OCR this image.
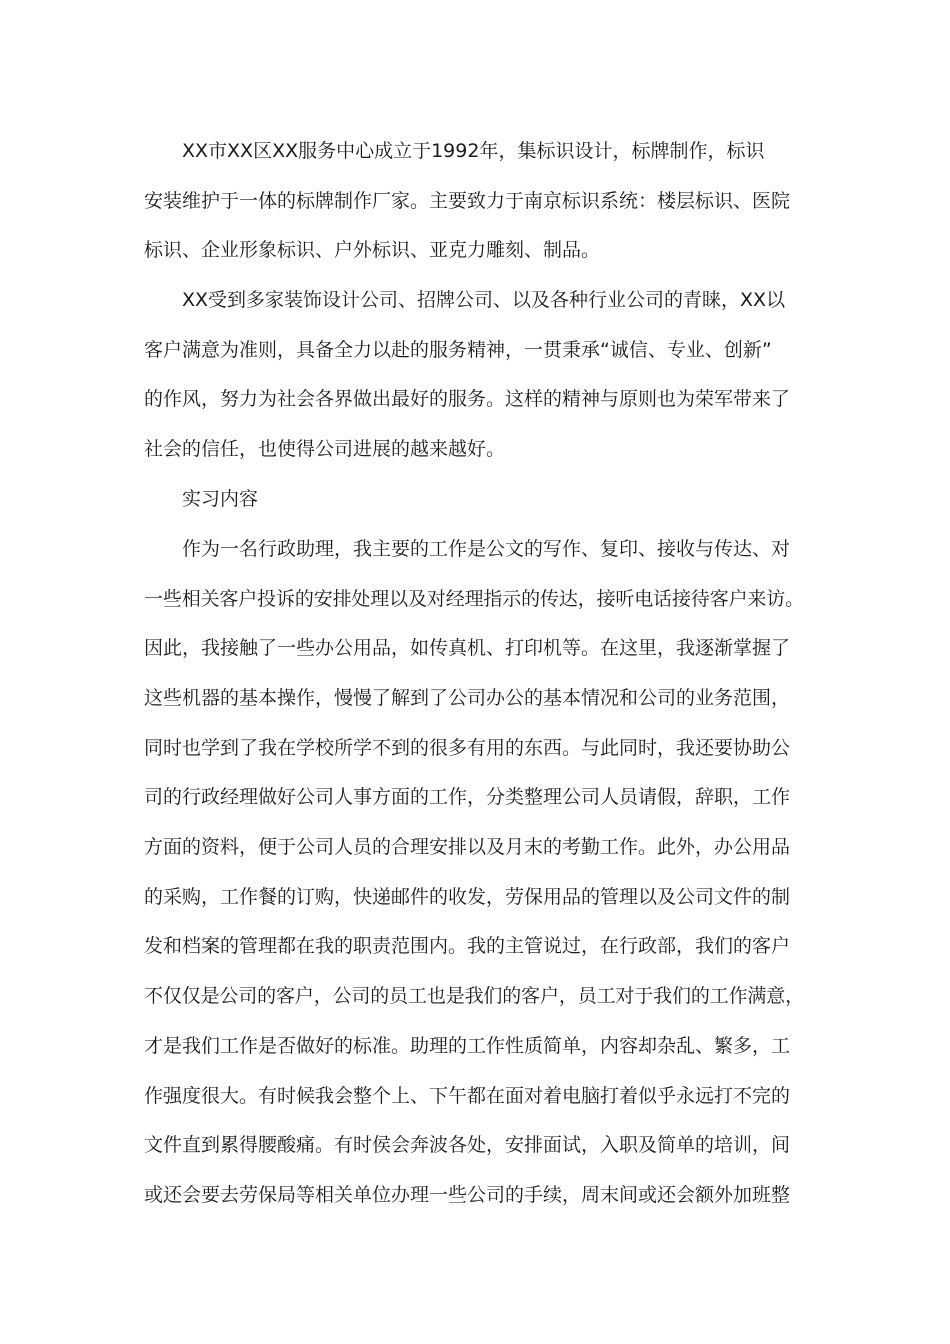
XX市XX区XX服务中心成立于1992年，集标识设计，标牌制作，标识
安装维护于一体的标牌制作厂家。主要致力于南京标识系统：楼层标识、医院
标识、企业形象标识、户外标识、亚克力雕刻、制品。
XX受到多家装饰设计公司、招牌公司、以及各种行业公司的青睐，XX以
客户满意为准则，具备全力以赴的服务精神，一贯秉承“诚信、专业、创新”
的作风，努力为社会各界做出最好的服务。这样的精神与原则也为荣军带来了
社会的信任，也使得公司进展的越来越好。
实习内容
作为一名行政助理，我主要的工作是公文的写作、复印、接收与传达、对
一些相关客户投诉的安排处理以及对经理指示的传达，接听电话接待客户来访。
因此，我接触了一些办公用品，如传真机、打印机等。在这里，我逐渐掌握了
这些机器的基本操作，慢慢了解到了公司办公的基本情况和公司的业务范围，
同时也学到了我在学校所学不到的很多有用的东西。与此同时，我还要协助公
司的行政经理做好公司人事方面的工作，分类整理公司人员请假，辞职，工作
方面的资料，便于公司人员的合理安排以及月末的考勤工作。此外，办公用品
的采购，工作餐的订购，快递邮件的收发，劳保用品的管理以及公司文件的制
发和档案的管理都在我的职责范围内。我的主管说过，在行政部，我们的客户
不仅仅是公司的客户，公司的员工也是我们的客户，员工对于我们的工作满意，
才是我们工作是否做好的标准。助理的工作性质简单，内容却杂乱、繁多，工
作强度很大。有时候我会整个上、下午都在面对着电脑打着似乎永远打不完的
文件直到累得腰酸痛。有时侯会奔波各处，安排面试，入职及简单的培训，间
或还会要去劳保局等相关单位办理一些公司的手续，周末间或还会额外加班整
